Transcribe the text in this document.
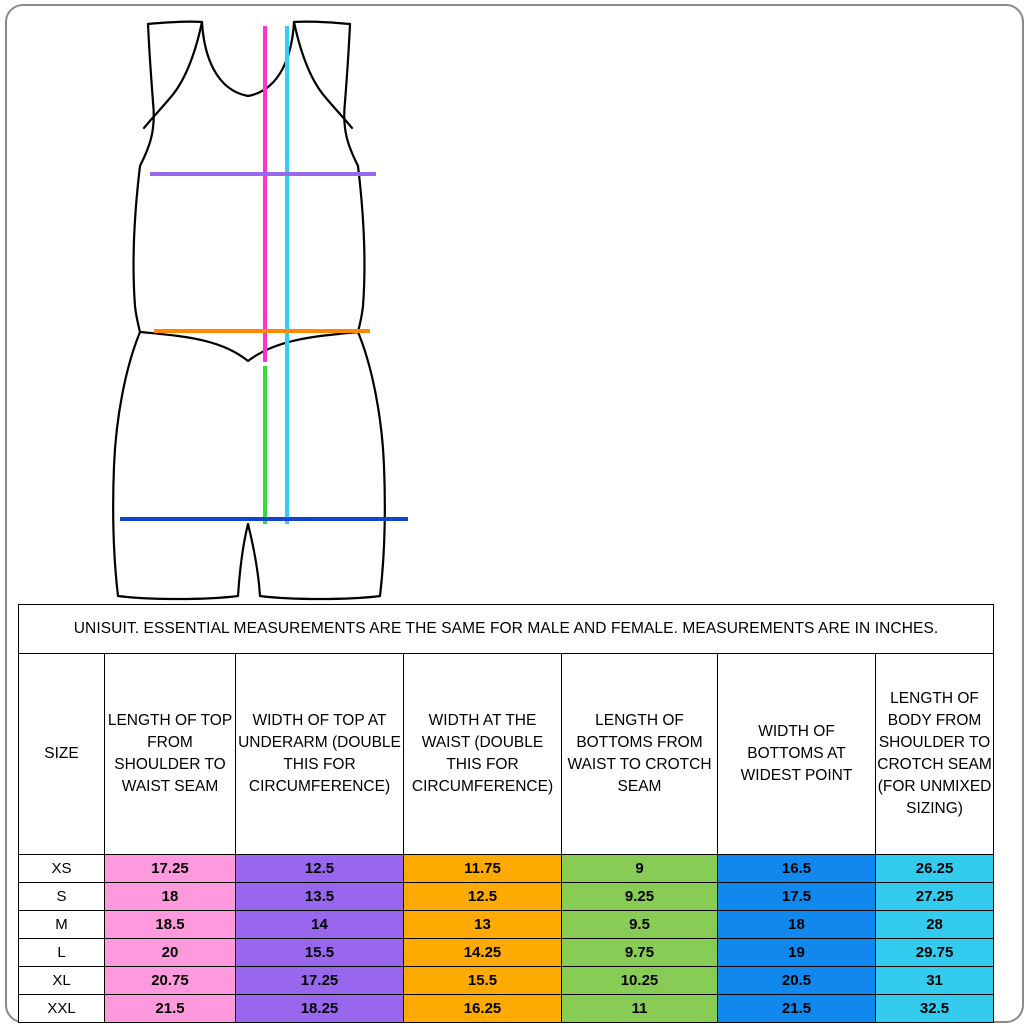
UNISUIT. ESSENTIAL MEASUREMENTS ARE THE SAME FOR MALE AND FEMALE. MEASUREMENTS ARE IN INCHES.						
SIZE	LENGTH OF TOP FROM SHOULDER TO WAIST SEAM	WIDTH OF TOP AT UNDERARM (DOUBLE THIS FOR CIRCUMFERENCE)	WIDTH AT THE WAIST (DOUBLE THIS FOR CIRCUMFERENCE)	LENGTH OF BOTTOMS FROM WAIST TO CROTCH SEAM	WIDTH OF BOTTOMS AT WIDEST POINT	LENGTH OF BODY FROM SHOULDER TO CROTCH SEAM (FOR UNMIXED SIZING)
XS	17.25	12.5	11.75	9	16.5	26.25
S	18	13.5	12.5	9.25	17.5	27.25
M	18.5	14	13	9.5	18	28
L	20	15.5	14.25	9.75	19	29.75
XL	20.75	17.25	15.5	10.25	20.5	31
XXL	21.5	18.25	16.25	11	21.5	32.5
